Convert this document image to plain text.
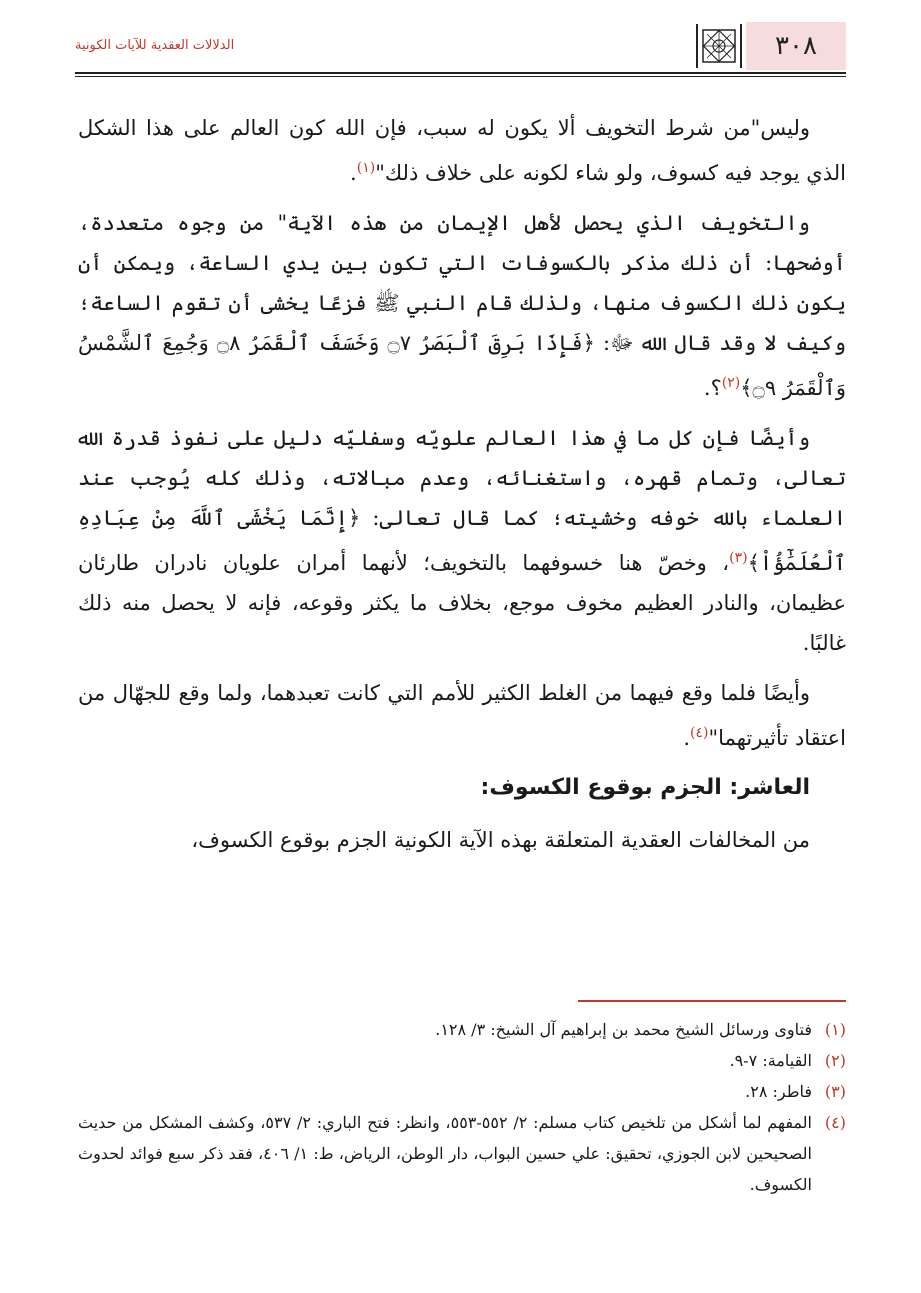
٣٠٨
الدلالات العقدية للآيات الكونية

وليس"من شرط التخويف ألا يكون له سبب، فإن الله كون العالم على هذا الشكل الذي يوجد فيه كسوف، ولو شاء لكونه على خلاف ذلك"$^{(١)}$.

والتخويف الذي يحصل لأهل الإيمان من هذه الآية" من وجوه متعددة، أوضحها: أن ذلك مذكر بالكسوفات التي تكون بين يدي الساعة، ويمكن أن يكون ذلك الكسوف منها، ولذلك قام النبي ﷺ فزعًا يخشى أن تقوم الساعة؛ وكيف لا وقد قال الله ﷻ: ﴿فَإِذَا بَرِقَ ٱلْبَصَرُ ۝٧ وَخَسَفَ ٱلْقَمَرُ ۝٨ وَجُمِعَ ٱلشَّمْسُ وَٱلْقَمَرُ ۝٩﴾$^{(٢)}$؟.

وأيضًا فإن كل ما في هذا العالم علويّه وسفليّه دليل على نفوذ قدرة الله تعالى، وتمام قهره، واستغنائه، وعدم مبالاته، وذلك كله يُوجب عند العلماء بالله خوفه وخشيته؛ كما قال تعالى: ﴿إِنَّمَا يَخْشَى ٱللَّهَ مِنْ عِبَادِهِ ٱلْعُلَمَٰٓؤُاْ﴾$^{(٣)}$، وخصّ هنا خسوفهما بالتخويف؛ لأنهما أمران علويان نادران طارئان عظيمان، والنادر العظيم مخوف موجع، بخلاف ما يكثر وقوعه، فإنه لا يحصل منه ذلك غالبًا.

وأيضًا فلما وقع فيهما من الغلط الكثير للأمم التي كانت تعبدهما، ولما وقع للجهّال من اعتقاد تأثيرتهما"$^{(٤)}$.

العاشر: الجزم بوقوع الكسوف:

من المخالفات العقدية المتعلقة بهذه الآية الكونية الجزم بوقوع الكسوف،

(١)
فتاوى ورسائل الشيخ محمد بن إبراهيم آل الشيخ: ٣/ ١٢٨.

(٢)
القيامة: ٧-٩.

(٣)
فاطر: ٢٨.

(٤)
المفهم لما أشكل من تلخيص كتاب مسلم: ٢/ ٥٥٢-٥٥٣، وانظر: فتح الباري: ٢/ ٥٣٧، وكشف المشكل من حديث الصحيحين لابن الجوزي، تحقيق: علي حسين البواب، دار الوطن، الرياض، ط: ١/ ٤٠٦، فقد ذكر سبع فوائد لحدوث الكسوف.
